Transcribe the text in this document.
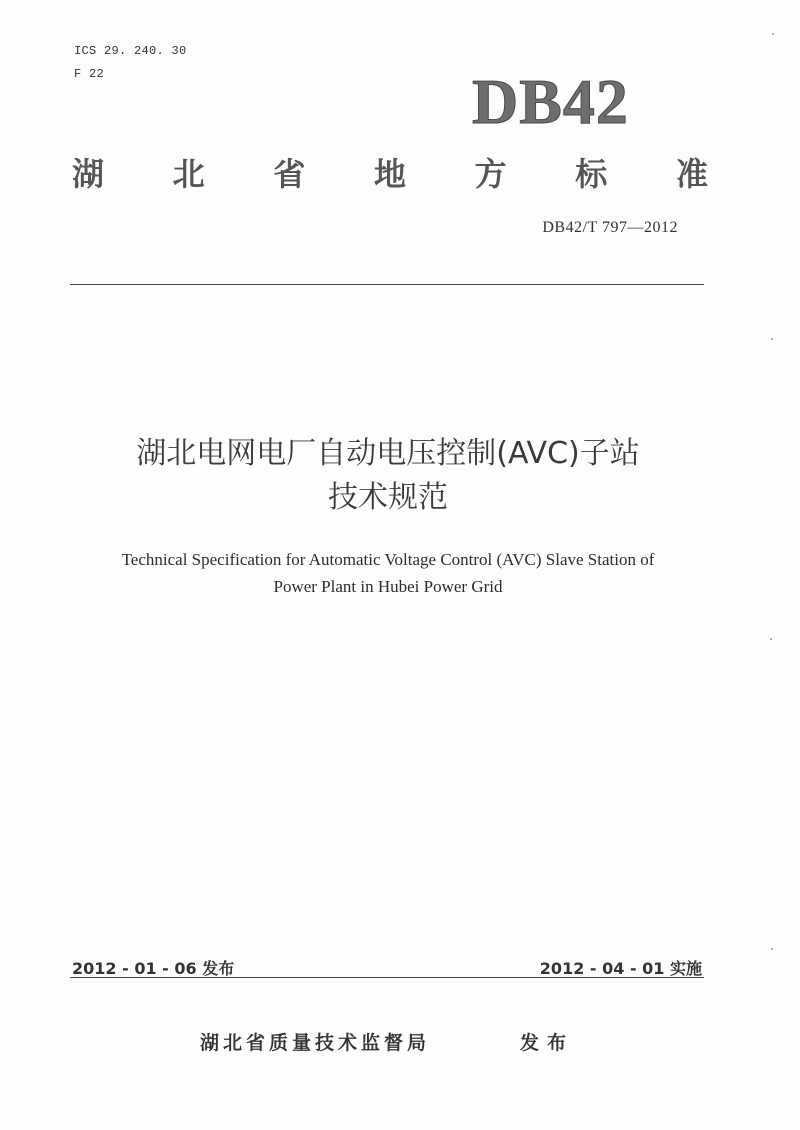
ICS 29. 240. 30
F 22	DB42
湖 北 省 地 方 标 准
DB42/T 797—2012
湖北电网电厂自动电压控制(AVC)子站
技术规范
Technical Specification for Automatic Voltage Control (AVC) Slave Station of
Power Plant in Hubei Power Grid
2012 - 01 - 06 发布	2012 - 04 - 01 实施
湖北省质量技术监督局	发布
